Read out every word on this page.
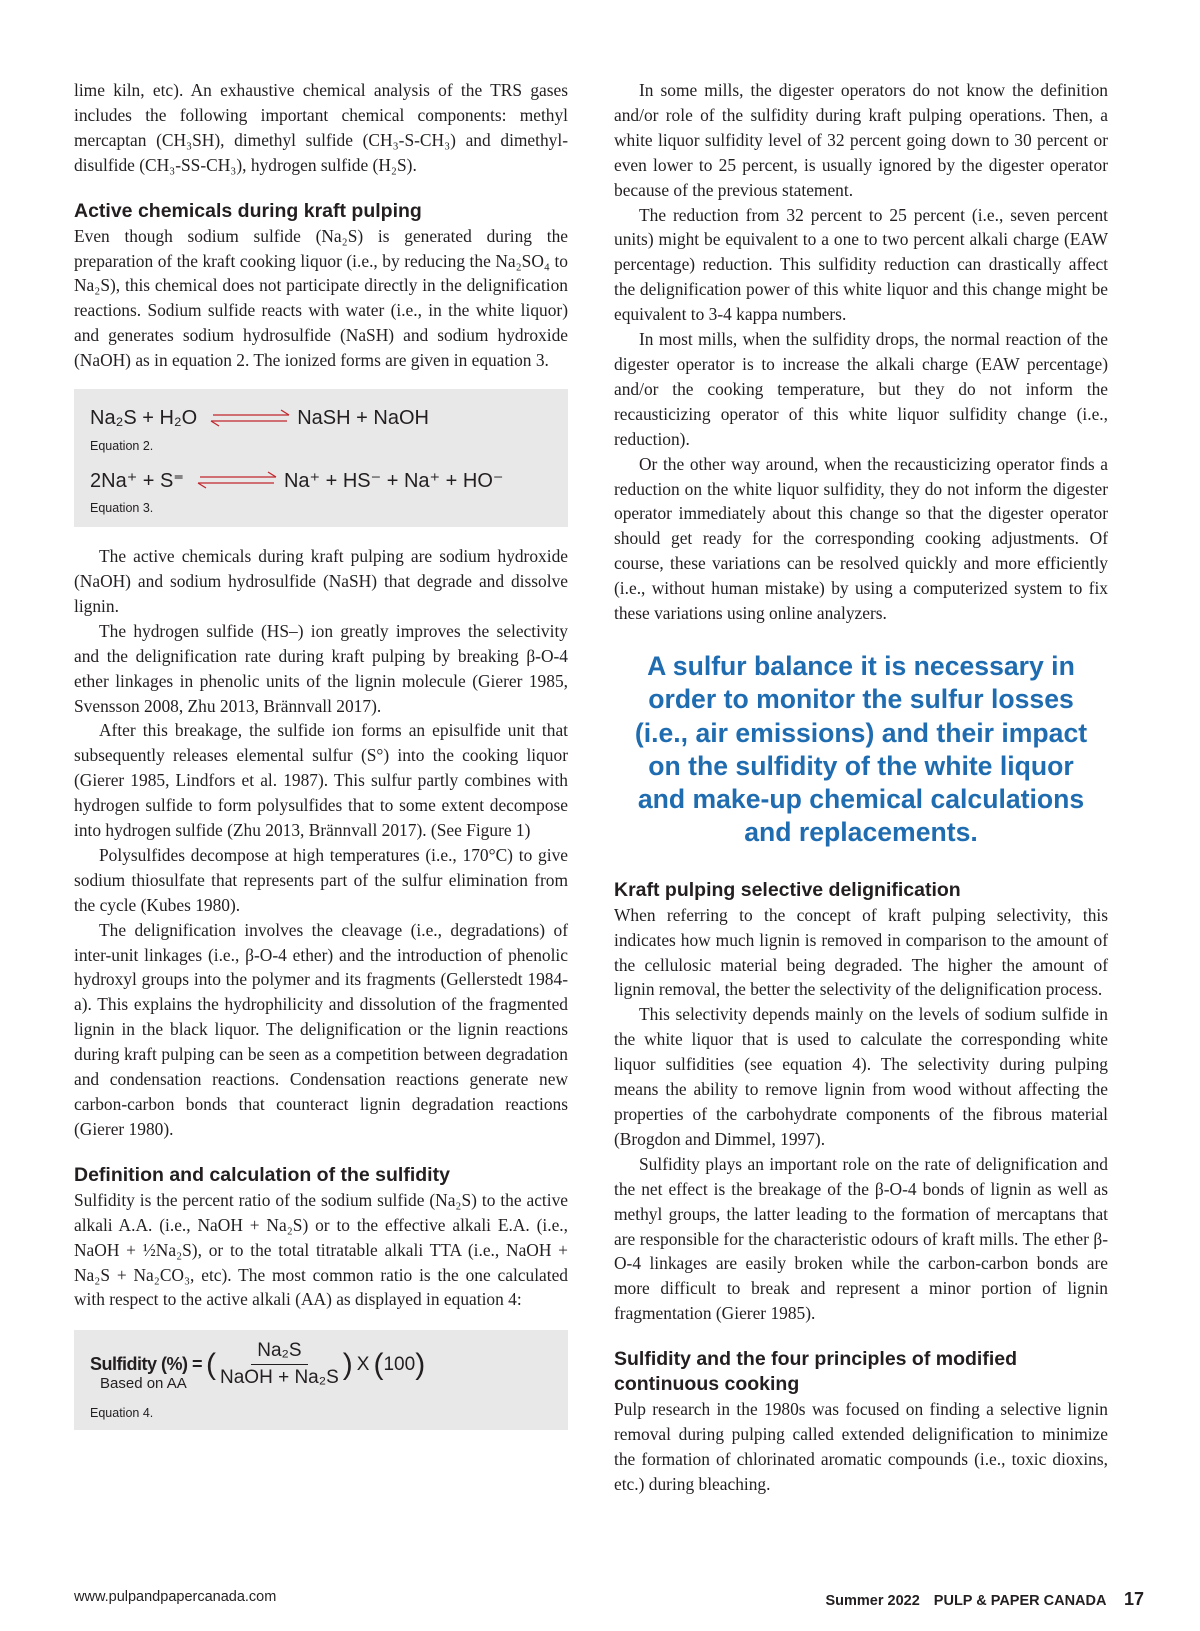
lime kiln, etc). An exhaustive chemical analysis of the TRS gases includes the following important chemical components: methyl mercaptan (CH₃SH), dimethyl sulfide (CH₃-S-CH₃) and dimethyl-disulfide (CH₃-SS-CH₃), hydrogen sulfide (H₂S).

Active chemicals during kraft pulping

Even though sodium sulfide (Na₂S) is generated during the preparation of the kraft cooking liquor (i.e., by reducing the Na₂SO₄ to Na₂S), this chemical does not participate directly in the delignification reactions. Sodium sulfide reacts with water (i.e., in the white liquor) and generates sodium hydrosulfide (NaSH) and sodium hydroxide (NaOH) as in equation 2. The ionized forms are given in equation 3.

Na₂S + H₂O	NaSH + NaOH
Equation 2.
2Na⁺ + S⁼	Na⁺ + HS⁻ + Na⁺ + HO⁻
Equation 3.

The active chemicals during kraft pulping are sodium hydroxide (NaOH) and sodium hydrosulfide (NaSH) that degrade and dissolve lignin.

The hydrogen sulfide (HS–) ion greatly improves the selectivity and the delignification rate during kraft pulping by breaking β-O-4 ether linkages in phenolic units of the lignin molecule (Gierer 1985, Svensson 2008, Zhu 2013, Brännvall 2017).

After this breakage, the sulfide ion forms an episulfide unit that subsequently releases elemental sulfur (S°) into the cooking liquor (Gierer 1985, Lindfors et al. 1987). This sulfur partly combines with hydrogen sulfide to form polysulfides that to some extent decompose into hydrogen sulfide (Zhu 2013, Brännvall 2017). (See Figure 1)

Polysulfides decompose at high temperatures (i.e., 170°C) to give sodium thiosulfate that represents part of the sulfur elimination from the cycle (Kubes 1980).

The delignification involves the cleavage (i.e., degradations) of inter-unit linkages (i.e., β-O-4 ether) and the introduction of phenolic hydroxyl groups into the polymer and its fragments (Gellerstedt 1984-a). This explains the hydrophilicity and dissolution of the fragmented lignin in the black liquor. The delignification or the lignin reactions during kraft pulping can be seen as a competition between degradation and condensation reactions. Condensation reactions generate new carbon-carbon bonds that counteract lignin degradation reactions (Gierer 1980).

Definition and calculation of the sulfidity

Sulfidity is the percent ratio of the sodium sulfide (Na₂S) to the active alkali A.A. (i.e., NaOH + Na₂S) or to the effective alkali E.A. (i.e., NaOH + ½Na₂S), or to the total titratable alkali TTA (i.e., NaOH + Na₂S + Na₂CO₃, etc). The most common ratio is the one calculated with respect to the active alkali (AA) as displayed in equation 4:

Sulfidity (%) = ( $\frac{\text{Na₂S}}{\text{NaOH + Na₂S}}$ ) X ( 100 )
Based on AA
Equation 4.

In some mills, the digester operators do not know the definition and/or role of the sulfidity during kraft pulping operations. Then, a white liquor sulfidity level of 32 percent going down to 30 percent or even lower to 25 percent, is usually ignored by the digester operator because of the previous statement.

The reduction from 32 percent to 25 percent (i.e., seven percent units) might be equivalent to a one to two percent alkali charge (EAW percentage) reduction. This sulfidity reduction can drastically affect the delignification power of this white liquor and this change might be equivalent to 3-4 kappa numbers.

In most mills, when the sulfidity drops, the normal reaction of the digester operator is to increase the alkali charge (EAW percentage) and/or the cooking temperature, but they do not inform the recausticizing operator of this white liquor sulfidity change (i.e., reduction).

Or the other way around, when the recausticizing operator finds a reduction on the white liquor sulfidity, they do not inform the digester operator immediately about this change so that the digester operator should get ready for the corresponding cooking adjustments. Of course, these variations can be resolved quickly and more efficiently (i.e., without human mistake) by using a computerized system to fix these variations using online analyzers.

A sulfur balance it is necessary in order to monitor the sulfur losses (i.e., air emissions) and their impact on the sulfidity of the white liquor and make-up chemical calculations and replacements.
Kraft pulping selective delignification

When referring to the concept of kraft pulping selectivity, this indicates how much lignin is removed in comparison to the amount of the cellulosic material being degraded. The higher the amount of lignin removal, the better the selectivity of the delignification process.

This selectivity depends mainly on the levels of sodium sulfide in the white liquor that is used to calculate the corresponding white liquor sulfidities (see equation 4). The selectivity during pulping means the ability to remove lignin from wood without affecting the properties of the carbohydrate components of the fibrous material (Brogdon and Dimmel, 1997).

Sulfidity plays an important role on the rate of delignification and the net effect is the breakage of the β-O-4 bonds of lignin as well as methyl groups, the latter leading to the formation of mercaptans that are responsible for the characteristic odours of kraft mills. The ether β-O-4 linkages are easily broken while the carbon-carbon bonds are more difficult to break and represent a minor portion of lignin fragmentation (Gierer 1985).

Sulfidity and the four principles of modified continuous cooking

Pulp research in the 1980s was focused on finding a selective lignin removal during pulping called extended delignification to minimize the formation of chlorinated aromatic compounds (i.e., toxic dioxins, etc.) during bleaching.

www.pulpandpapercanada.com	Summer 2022 PULP & PAPER CANADA 17
